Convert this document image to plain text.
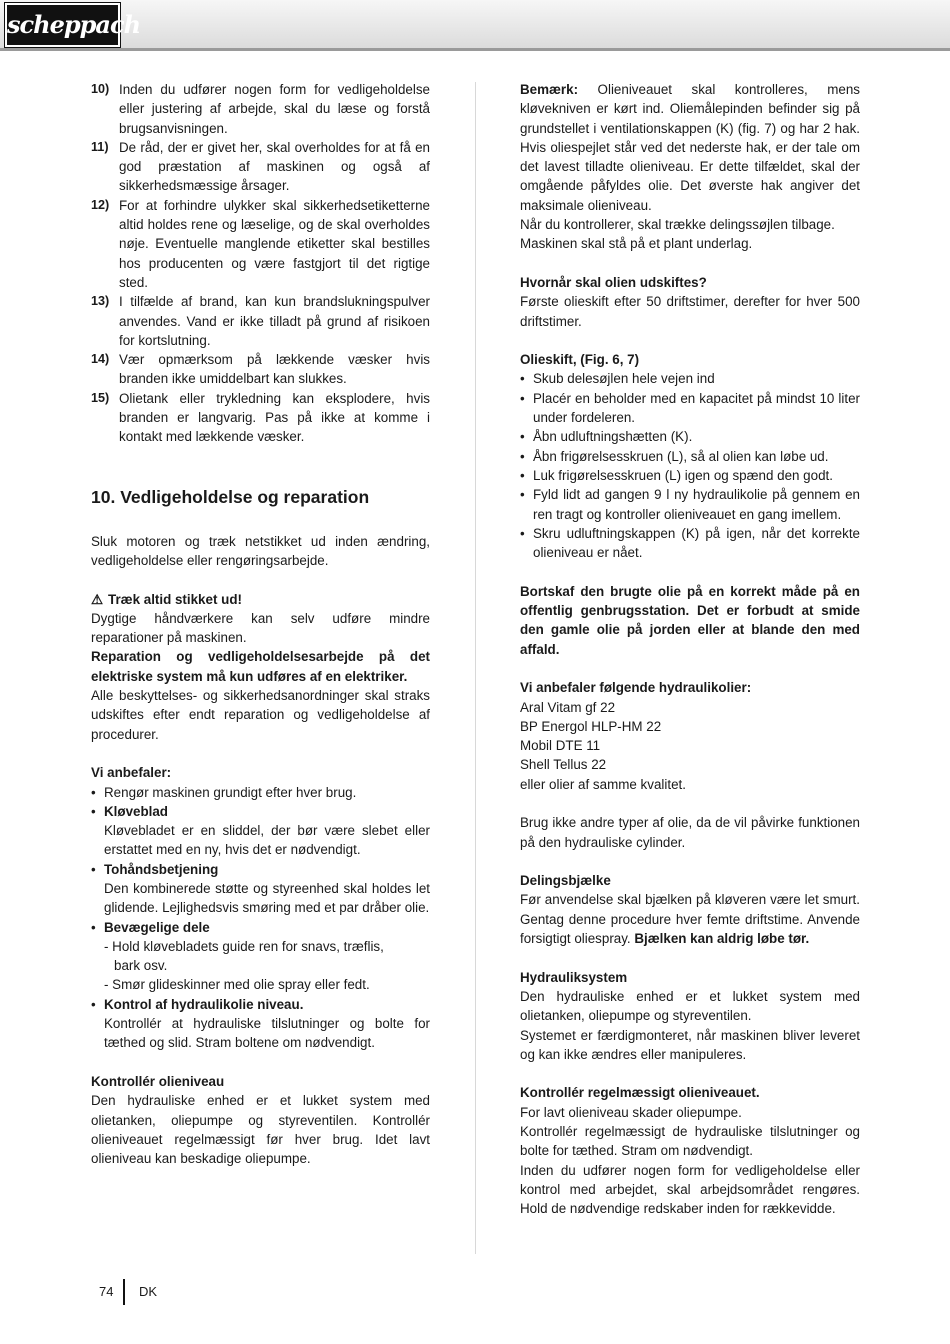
scheppach
10) Inden du udfører nogen form for vedligeholdelse eller justering af arbejde, skal du læse og forstå brugsanvisningen.
11) De råd, der er givet her, skal overholdes for at få en god præstation af maskinen og også af sikkerhedsmæssige årsager.
12) For at forhindre ulykker skal sikkerhedsetiketterne altid holdes rene og læselige, og de skal overholdes nøje. Eventuelle manglende etiketter skal bestilles hos producenten og være fastgjort til det rigtige sted.
13) I tilfælde af brand, kan kun brandslukningspulver anvendes. Vand er ikke tilladt på grund af risikoen for kortslutning.
14) Vær opmærksom på lækkende væsker hvis branden ikke umiddelbart kan slukkes.
15) Olietank eller trykledning kan eksplodere, hvis branden er langvarig. Pas på ikke at komme i kontakt med lækkende væsker.
10. Vedligeholdelse og reparation

Sluk motoren og træk netstikket ud inden ændring, vedligeholdelse eller rengøringsarbejde.

⚠ Træk altid stikket ud!

Dygtige håndværkere kan selv udføre mindre reparationer på maskinen.

Reparation og vedligeholdelsesarbejde på det elektriske system må kun udføres af en elektriker.

Alle beskyttelses- og sikkerhedsanordninger skal straks udskiftes efter endt reparation og vedligeholdelse af procedurer.

Vi anbefaler:

• Rengør maskinen grundigt efter hver brug.
• Kløveblad

Kløvebladet er en sliddel, der bør være slebet eller erstattet med en ny, hvis det er nødvendigt.

• Tohåndsbetjening

Den kombinerede støtte og styreenhed skal holdes let glidende. Lejlighedsvis smøring med et par dråber olie.

• Bevægelige dele

- Hold kløvebladets guide ren for snavs, træflis,

bark osv.

- Smør glideskinner med olie spray eller fedt.

• Kontrol af hydraulikolie niveau.

Kontrollér at hydrauliske tilslutninger og bolte for tæthed og slid. Stram boltene om nødvendigt.

Kontrollér olieniveau

Den hydrauliske enhed er et lukket system med olietanken, oliepumpe og styreventilen. Kontrollér olieniveauet regelmæssigt før hver brug. Idet lavt olieniveau kan beskadige oliepumpe.

Bemærk: Olieniveauet skal kontrolleres, mens kløvekniven er kørt ind. Oliemålepinden befinder sig på grundstellet i ventilationskappen (K) (fig. 7) og har 2 hak. Hvis oliespejlet står ved det nederste hak, er der tale om det lavest tilladte olieniveau. Er dette tilfældet, skal der omgående påfyldes olie. Det øverste hak angiver det maksimale olieniveau.

Når du kontrollerer, skal trække delingssøjlen tilbage.

Maskinen skal stå på et plant underlag.

Hvornår skal olien udskiftes?

Første olieskift efter 50 driftstimer, derefter for hver 500 driftstimer.

Olieskift, (Fig. 6, 7)

• Skub delesøjlen hele vejen ind
• Placér en beholder med en kapacitet på mindst 10 liter under fordeleren.
• Åbn udluftningshætten (K).
• Åbn frigørelsesskruen (L), så al olien kan løbe ud.
• Luk frigørelsesskruen (L) igen og spænd den godt.
• Fyld lidt ad gangen 9 l ny hydraulikolie på gennem en ren tragt og kontroller olieniveauet en gang imellem.
• Skru udluftningskappen (K) på igen, når det korrekte olieniveau er nået.

Bortskaf den brugte olie på en korrekt måde på en offentlig genbrugsstation. Det er forbudt at smide den gamle olie på jorden eller at blande den med affald.

Vi anbefaler følgende hydraulikolier:

Aral Vitam gf 22

BP Energol HLP-HM 22

Mobil DTE 11

Shell Tellus 22

eller olier af samme kvalitet.

Brug ikke andre typer af olie, da de vil påvirke funktionen på den hydrauliske cylinder.

Delingsbjælke

Før anvendelse skal bjælken på kløveren være let smurt. Gentag denne procedure hver femte driftstime. Anvende forsigtigt oliespray. Bjælken kan aldrig løbe tør.

Hydrauliksystem

Den hydrauliske enhed er et lukket system med olietanken, oliepumpe og styreventilen.

Systemet er færdigmonteret, når maskinen bliver leveret og kan ikke ændres eller manipuleres.

Kontrollér regelmæssigt olieniveauet.

For lavt olieniveau skader oliepumpe.

Kontrollér regelmæssigt de hydrauliske tilslutninger og bolte for tæthed. Stram om nødvendigt.

Inden du udfører nogen form for vedligeholdelse eller kontrol med arbejdet, skal arbejdsområdet rengøres. Hold de nødvendige redskaber inden for rækkevidde.

74 DK
